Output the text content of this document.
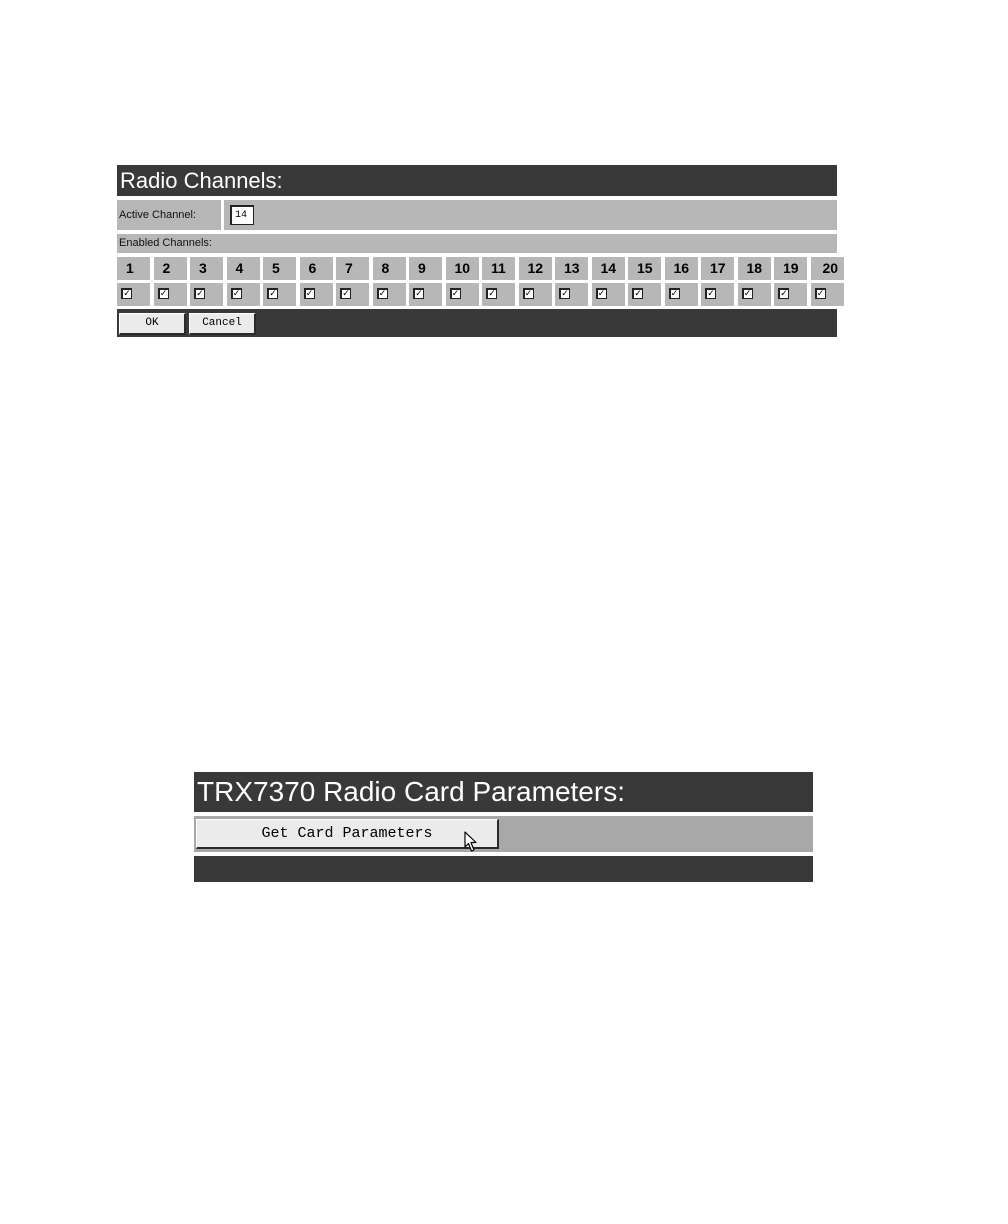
Radio Channels:
Active Channel:
14
Enabled Channels:
1	2	3	4	5	6	7	8	9	10	11	12	13	14	15	16	17	18	19	20
✓	✓	✓	✓	✓	✓	✓	✓	✓	✓	✓	✓	✓	✓	✓	✓	✓	✓	✓	✓
OK	Cancel
TRX7370 Radio Card Parameters:
Get Card Parameters
